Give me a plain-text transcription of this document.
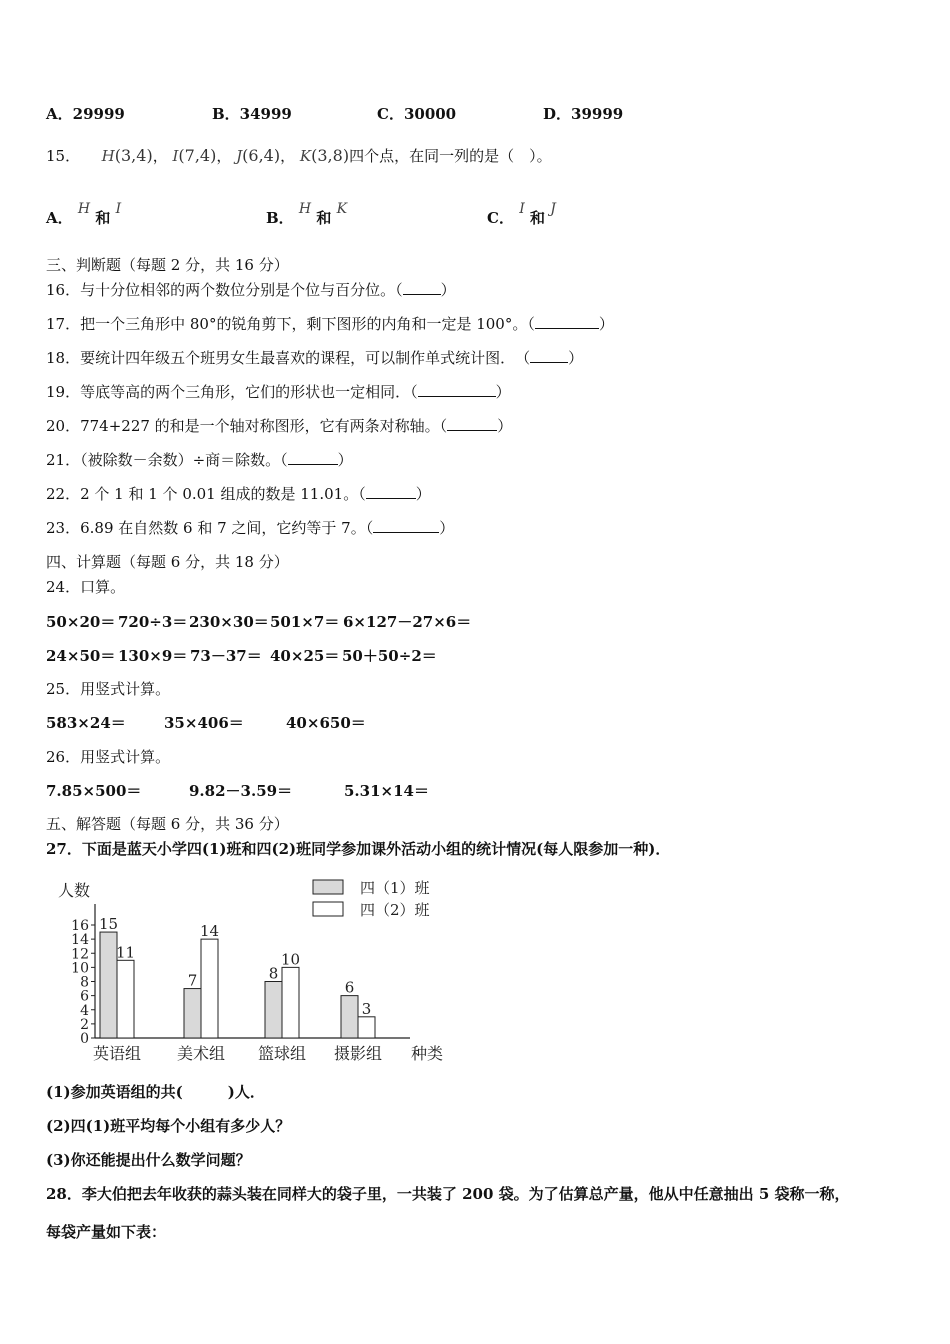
A．29999	B．34999	C．30000	D．39999
15． H(3,4)， I(7,4)， J(6,4)， K(3,8)四个点，在同一列的是（　）。
A． H 和 I	B． H 和 K	C． I 和 J
三、判断题（每题 2 分，共 16 分）
16．与十分位相邻的两个数位分别是个位与百分位。（	）
17．把一个三角形中 80°的锐角剪下，剩下图形的内角和一定是 100°。（	）
18．要统计四年级五个班男女生最喜欢的课程，可以制作单式统计图．　（	）
19．等底等高的两个三角形，它们的形状也一定相同．（	）
20．774+227 的和是一个轴对称图形，它有两条对称轴。（	）
21．（被除数－余数）÷商＝除数。（	）
22．2 个 1 和 1 个 0.01 组成的数是 11.01。（	）
23．6.89 在自然数 6 和 7 之间，它约等于 7。（	）
四、计算题（每题 6 分，共 18 分）
24．口算。
50×20＝ 720÷3＝ 230×30＝ 501×7＝ 6×127－27×6＝
24×50＝ 130×9＝ 73－37＝ 40×25＝ 50＋50÷2＝
25．用竖式计算。
583×24＝	35×406＝	40×650＝
26．用竖式计算。
7.85×500＝	9.82－3.59＝	5.31×14＝
五、解答题（每题 6 分，共 36 分）
27．下面是蓝天小学四(1)班和四(2)班同学参加课外活动小组的统计情况(每人限参加一种)．
人数
0
2
4
6
8
10
12
14
16 15
11
英语组
7
14
美术组
8
10
篮球组
6
3
摄影组 种类
四（1）班
四（2）班
(1)参加英语组的共(　　　)人．
(2)四(1)班平均每个小组有多少人？
(3)你还能提出什么数学问题？
28．李大伯把去年收获的蒜头装在同样大的袋子里，一共装了 200 袋。为了估算总产量，他从中任意抽出 5 袋称一称，
每袋产量如下表：
